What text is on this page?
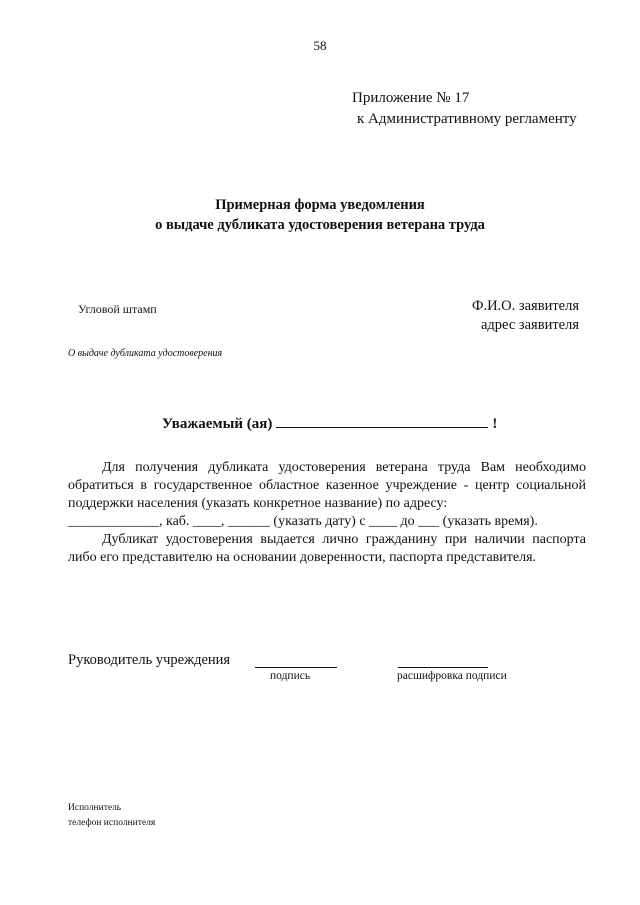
58
Приложение № 17
к Административному регламенту
Примерная форма уведомления
о выдаче дубликата удостоверения ветерана труда
Угловой штамп	Ф.И.О. заявителя
адрес заявителя
О выдаче дубликата удостоверения
Уважаемый (ая)	!

Для получения дубликата удостоверения ветерана труда Вам необходимо обратиться в государственное областное казенное учреждение - центр социальной поддержки населения (указать конкретное название) по адресу:

_____________, каб. ____, ______ (указать дату) с ____ до ___ (указать время).

Дубликат удостоверения выдается лично гражданину при наличии паспорта либо его представителю на основании доверенности, паспорта представителя.

Руководитель учреждения
подпись	расшифровка подписи
Исполнитель
телефон исполнителя
